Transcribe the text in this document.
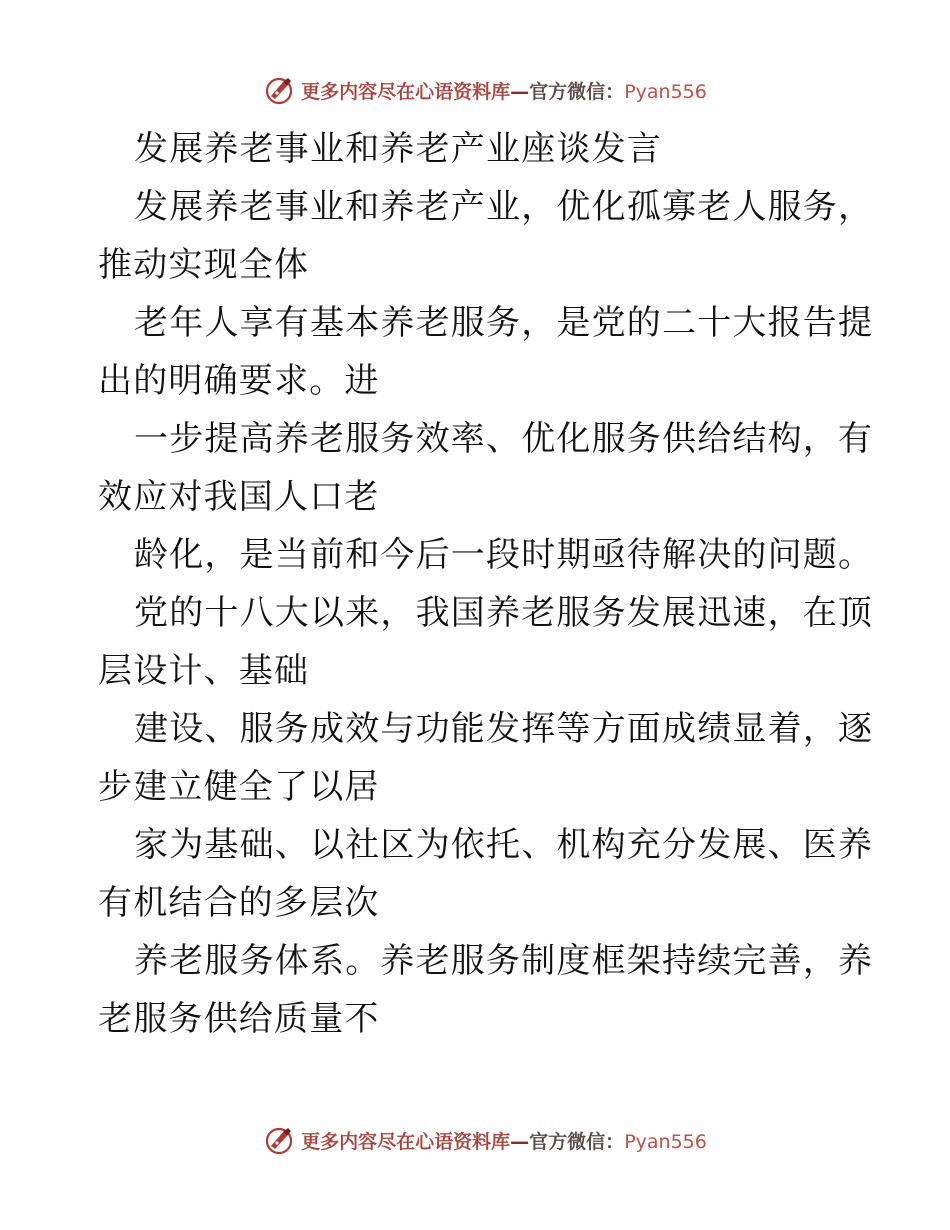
更多内容尽在心语资料库—官方微信：Pyan556
发展养老事业和养老产业座谈发言
发展养老事业和养老产业，优化孤寡老人服务，
推动实现全体
老年人享有基本养老服务，是党的二十大报告提
出的明确要求。进
一步提高养老服务效率、优化服务供给结构，有
效应对我国人口老
龄化，是当前和今后一段时期亟待解决的问题。
党的十八大以来，我国养老服务发展迅速，在顶
层设计、基础
建设、服务成效与功能发挥等方面成绩显着，逐
步建立健全了以居
家为基础、以社区为依托、机构充分发展、医养
有机结合的多层次
养老服务体系。养老服务制度框架持续完善，养
老服务供给质量不
更多内容尽在心语资料库—官方微信：Pyan556
